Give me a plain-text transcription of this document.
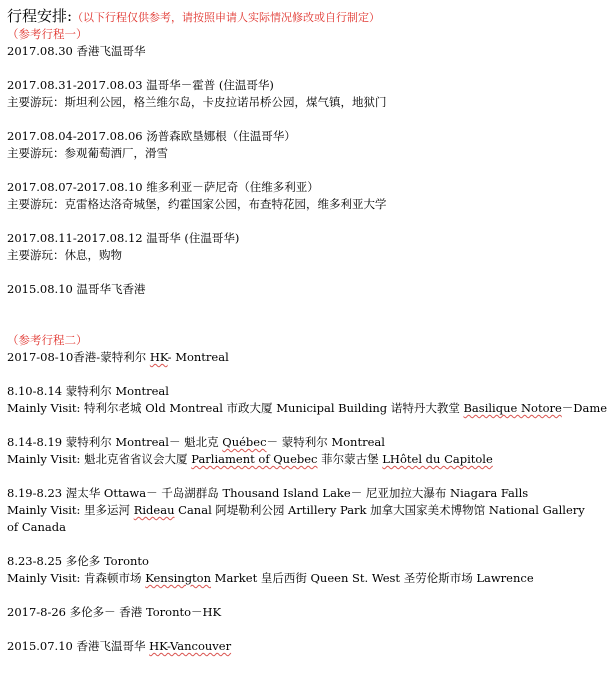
行程安排:（以下行程仅供参考，请按照申请人实际情况修改或自行制定）
（参考行程一）
2017.08.30 香港飞温哥华
2017.08.31-2017.08.03 温哥华－霍普 (住温哥华)
主要游玩：斯坦利公园，格兰维尔岛，卡皮拉诺吊桥公园，煤气镇，地狱门
2017.08.04-2017.08.06 汤普森欧垦娜根（住温哥华）
主要游玩：参观葡萄酒厂，滑雪
2017.08.07-2017.08.10 维多利亚－萨尼奇（住维多利亚）
主要游玩：克雷格达洛奇城堡，约霍国家公园，布查特花园，维多利亚大学
2017.08.11-2017.08.12 温哥华 (住温哥华)
主要游玩：休息，购物
2015.08.10 温哥华飞香港
（参考行程二）
2017-08-10香港-蒙特利尔 HK- Montreal
8.10-8.14 蒙特利尔 Montreal
Mainly Visit: 特利尔老城 Old Montreal 市政大厦 Municipal Building 诺特丹大教堂 Basilique Notore－Dame
8.14-8.19 蒙特利尔 Montreal－ 魁北克 Québec－ 蒙特利尔 Montreal
Mainly Visit: 魁北克省省议会大厦 Parliament of Quebec 菲尔蒙古堡 LHôtel du Capitole
8.19-8.23 渥太华 Ottawa－ 千岛湖群岛 Thousand Island Lake－ 尼亚加拉大瀑布 Niagara Falls
Mainly Visit: 里多运河 Rideau Canal 阿堤勒利公园 Artillery Park 加拿大国家美术博物馆 National Gallery of Canada
8.23-8.25 多伦多 Toronto
Mainly Visit: 肯森顿市场 Kensington Market 皇后西街 Queen St. West 圣劳伦斯市场 Lawrence
2017-8-26 多伦多－ 香港 Toronto－HK
2015.07.10 香港飞温哥华 HK-Vancouver
